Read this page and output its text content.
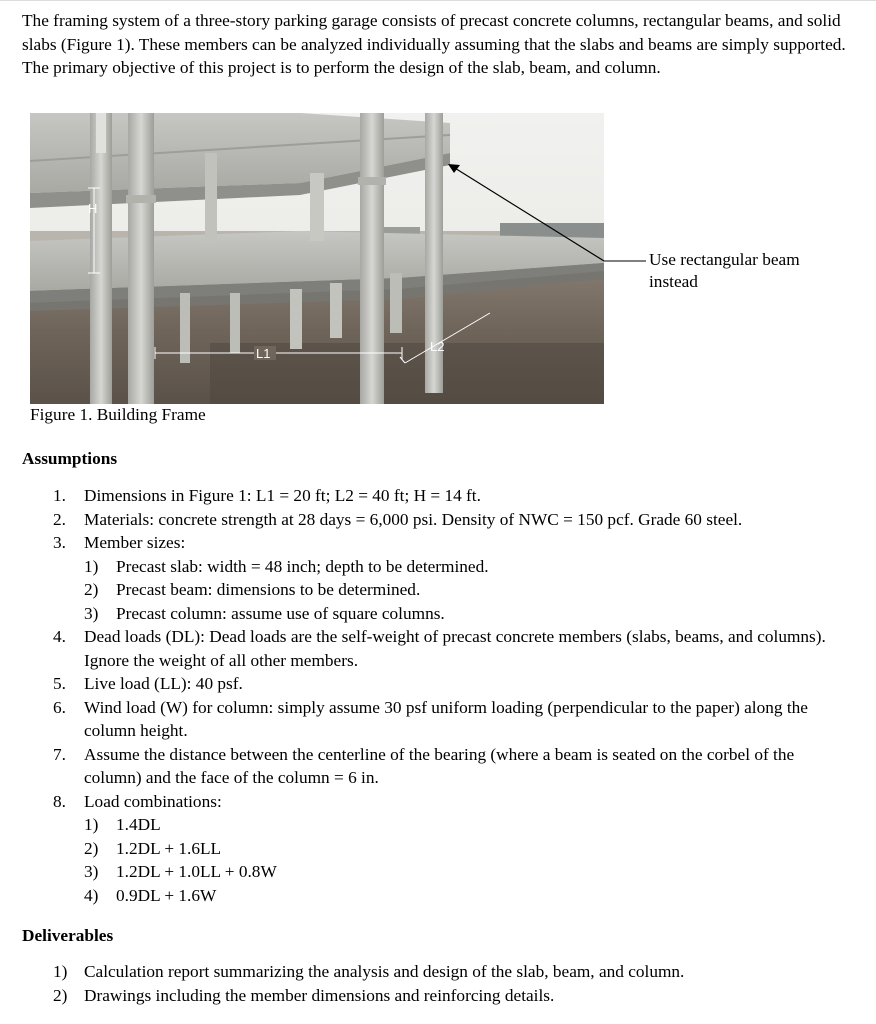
The framing system of a three-story parking garage consists of precast concrete columns, rectangular beams, and solid slabs (Figure 1). These members can be analyzed individually assuming that the slabs and beams are simply supported. The primary objective of this project is to perform the design of the slab, beam, and column.

H
L1	L2

Use rectangular beam
instead

Figure 1. Building Frame

Assumptions

1. Dimensions in Figure 1: L1 = 20 ft; L2 = 40 ft; H = 14 ft.
2. Materials: concrete strength at 28 days = 6,000 psi. Density of NWC = 150 pcf. Grade 60 steel.
3. Member sizes:
1) Precast slab: width = 48 inch; depth to be determined.
2) Precast beam: dimensions to be determined.
3) Precast column: assume use of square columns.
4. Dead loads (DL): Dead loads are the self-weight of precast concrete members (slabs, beams, and columns). Ignore the weight of all other members.
5. Live load (LL): 40 psf.
6. Wind load (W) for column: simply assume 30 psf uniform loading (perpendicular to the paper) along the column height.
7. Assume the distance between the centerline of the bearing (where a beam is seated on the corbel of the column) and the face of the column = 6 in.
8. Load combinations:
1) 1.4DL
2) 1.2DL + 1.6LL
3) 1.2DL + 1.0LL + 0.8W
4) 0.9DL + 1.6W

Deliverables

1) Calculation report summarizing the analysis and design of the slab, beam, and column.
2) Drawings including the member dimensions and reinforcing details.
